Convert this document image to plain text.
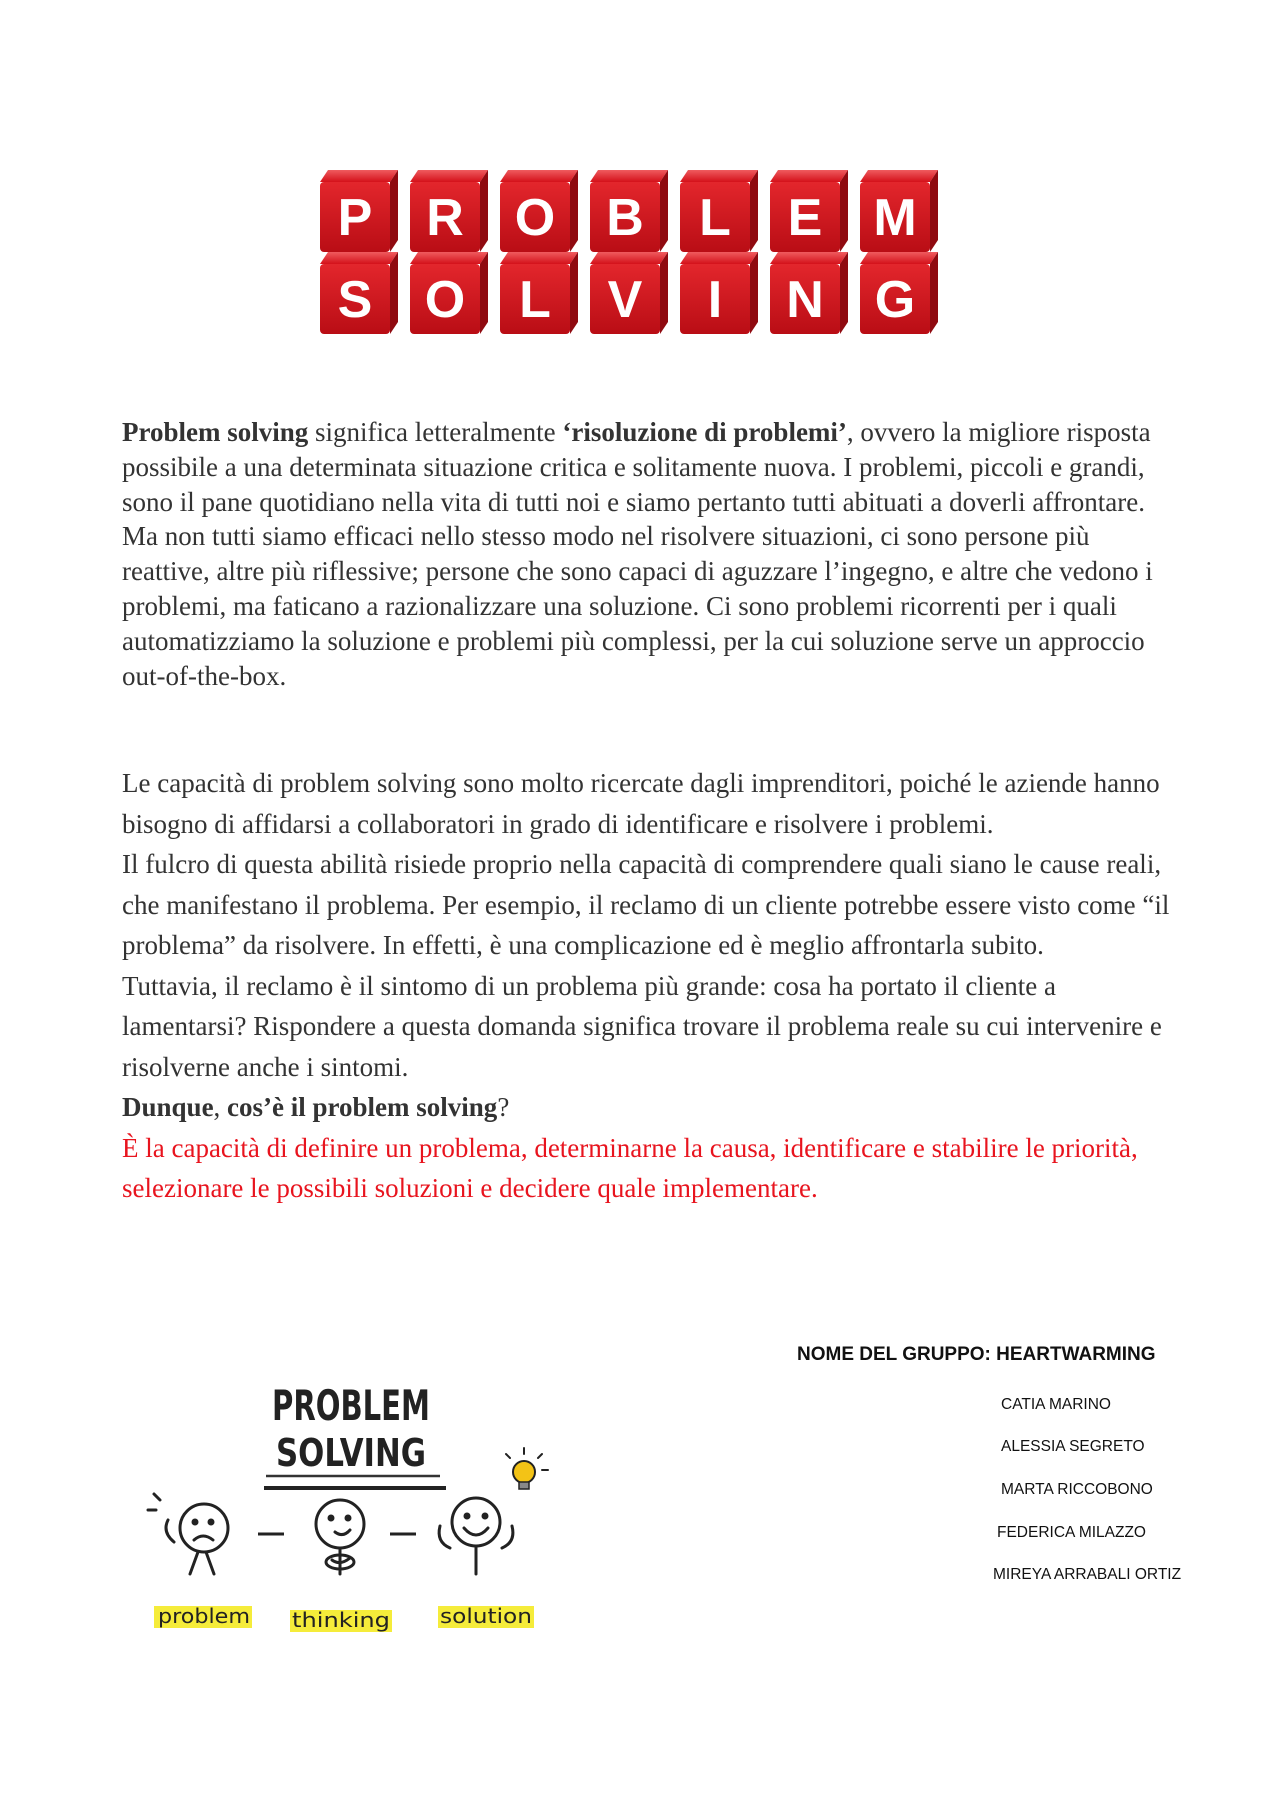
P R O B L E M
S O L V I N G

Problem solving significa letteralmente ‘risoluzione di problemi’, ovvero la migliore risposta possibile a una determinata situazione critica e solitamente nuova. I problemi, piccoli e grandi, sono il pane quotidiano nella vita di tutti noi e siamo pertanto tutti abituati a doverli affrontare. Ma non tutti siamo efficaci nello stesso modo nel risolvere situazioni, ci sono persone più reattive, altre più riflessive; persone che sono capaci di aguzzare l’ingegno, e altre che vedono i problemi, ma faticano a razionalizzare una soluzione. Ci sono problemi ricorrenti per i quali automatizziamo la soluzione e problemi più complessi, per la cui soluzione serve un approccio out-of-the-box.

Le capacità di problem solving sono molto ricercate dagli imprenditori, poiché le aziende hanno bisogno di affidarsi a collaboratori in grado di identificare e risolvere i problemi.
Il fulcro di questa abilità risiede proprio nella capacità di comprendere quali siano le cause reali, che manifestano il problema. Per esempio, il reclamo di un cliente potrebbe essere visto come “il problema” da risolvere. In effetti, è una complicazione ed è meglio affrontarla subito.
Tuttavia, il reclamo è il sintomo di un problema più grande: cosa ha portato il cliente a lamentarsi? Rispondere a questa domanda significa trovare il problema reale su cui intervenire e risolverne anche i sintomi.
Dunque, cos’è il problem solving?
È la capacità di definire un problema, determinarne la causa, identificare e stabilire le priorità, selezionare le possibili soluzioni e decidere quale implementare.
PROBLEM
SOLVING
problem thinking	solution
NOME DEL GRUPPO: HEARTWARMING
CATIA MARINO
ALESSIA SEGRETO
MARTA RICCOBONO
FEDERICA MILAZZO
MIREYA ARRABALI ORTIZ
